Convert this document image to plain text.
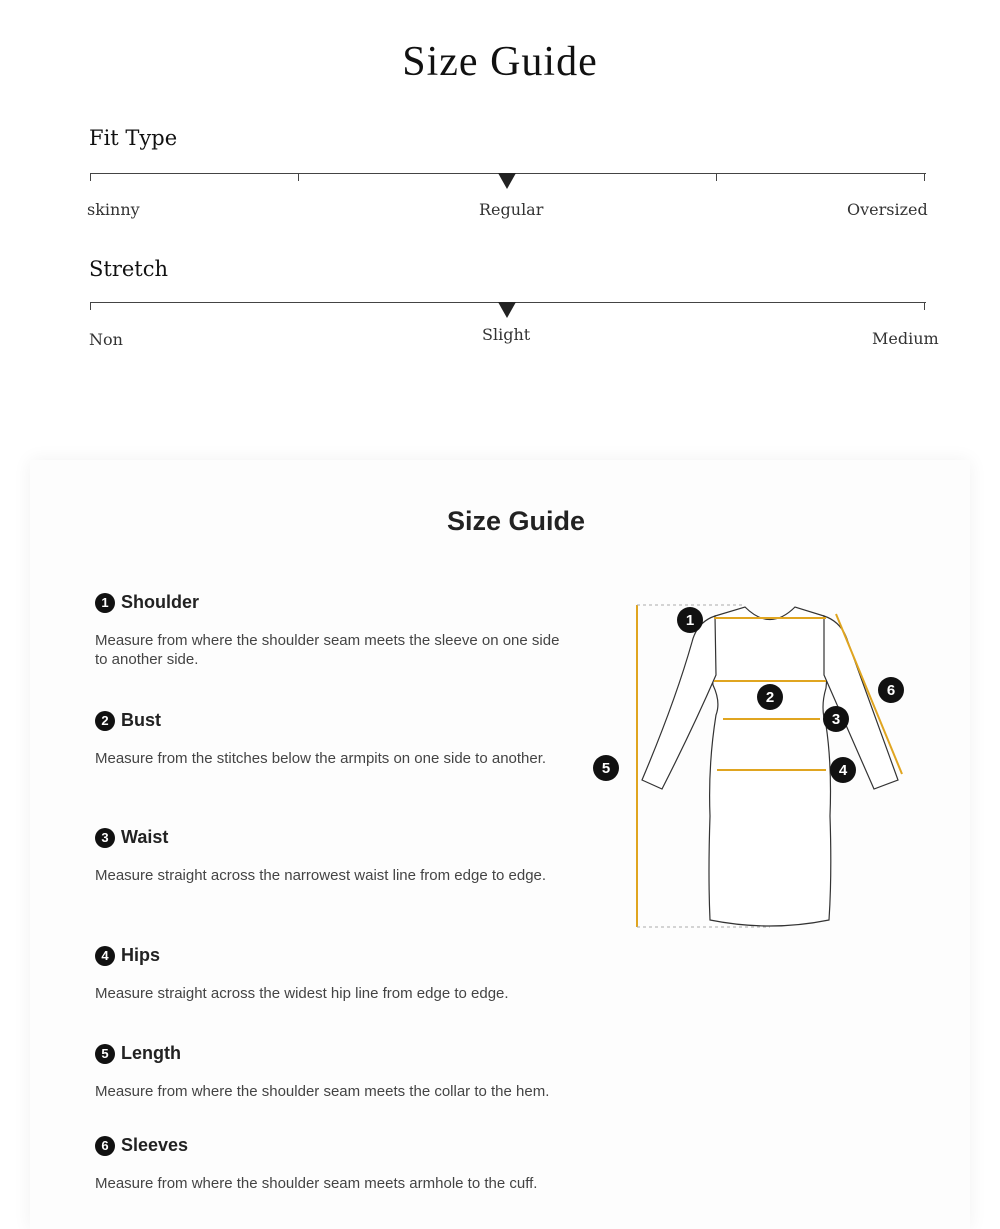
Size Guide
Fit Type
skinny	Regular	Oversized
Stretch
Non	Slight	Medium
Size Guide
1 Shoulder
Measure from where the shoulder seam meets the sleeve on one side to another side.
2 Bust
Measure from the stitches below the armpits on one side to another.
3 Waist
Measure straight across the narrowest waist line from edge to edge.
4 Hips
Measure straight across the widest hip line from edge to edge.
5 Length
Measure from where the shoulder seam meets the collar to the hem.
6 Sleeves
Measure from where the shoulder seam meets armhole to the cuff.
1
2
3
4
5
6
